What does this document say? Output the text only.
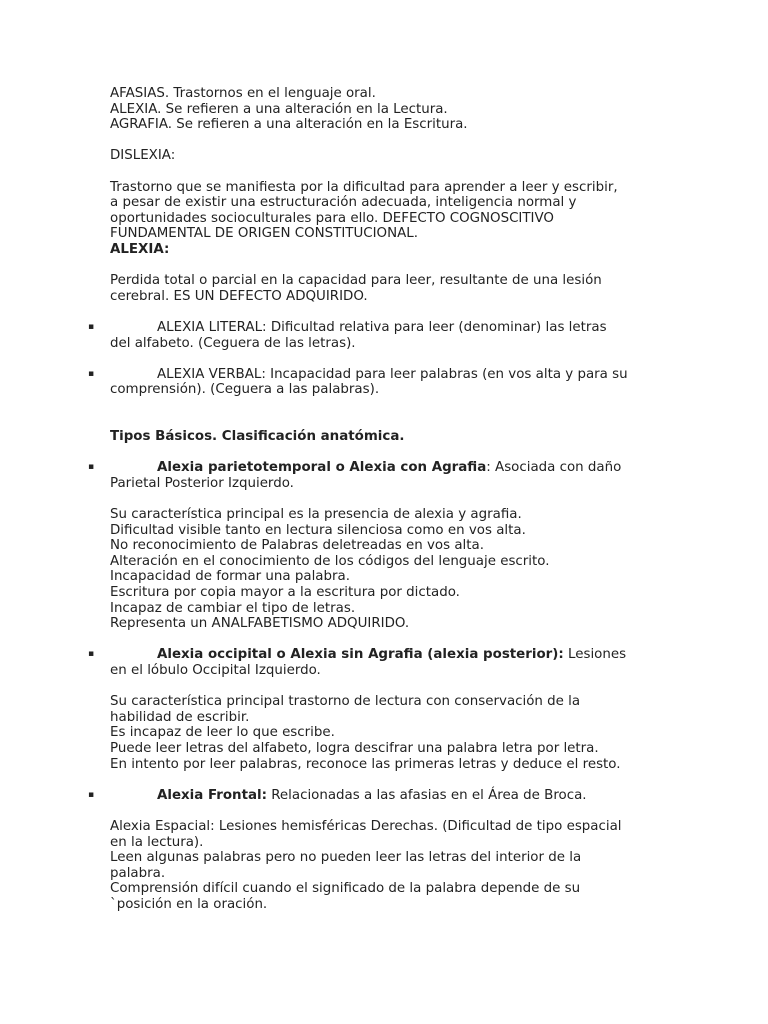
AFASIAS. Trastornos en el lenguaje oral.
ALEXIA. Se refieren a una alteración en la Lectura.
AGRAFIA. Se refieren a una alteración en la Escritura.
DISLEXIA:
Trastorno que se manifiesta por la dificultad para aprender a leer y escribir,
a pesar de existir una estructuración adecuada, inteligencia normal y
oportunidades socioculturales para ello. DEFECTO COGNOSCITIVO
FUNDAMENTAL DE ORIGEN CONSTITUCIONAL.
ALEXIA:
Perdida total o parcial en la capacidad para leer, resultante de una lesión
cerebral. ES UN DEFECTO ADQUIRIDO.
▪	ALEXIA LITERAL: Dificultad relativa para leer (denominar) las letras
del alfabeto. (Ceguera de las letras).
▪	ALEXIA VERBAL: Incapacidad para leer palabras (en vos alta y para su
comprensión). (Ceguera a las palabras).
Tipos Básicos. Clasificación anatómica.
▪	Alexia parietotemporal o Alexia con Agrafia: Asociada con daño
Parietal Posterior Izquierdo.
Su característica principal es la presencia de alexia y agrafia.
Dificultad visible tanto en lectura silenciosa como en vos alta.
No reconocimiento de Palabras deletreadas en vos alta.
Alteración en el conocimiento de los códigos del lenguaje escrito.
Incapacidad de formar una palabra.
Escritura por copia mayor a la escritura por dictado.
Incapaz de cambiar el tipo de letras.
Representa un ANALFABETISMO ADQUIRIDO.
▪	Alexia occipital o Alexia sin Agrafia (alexia posterior): Lesiones
en el lóbulo Occipital Izquierdo.
Su característica principal trastorno de lectura con conservación de la
habilidad de escribir.
Es incapaz de leer lo que escribe.
Puede leer letras del alfabeto, logra descifrar una palabra letra por letra.
En intento por leer palabras, reconoce las primeras letras y deduce el resto.
▪	Alexia Frontal: Relacionadas a las afasias en el Área de Broca.
Alexia Espacial: Lesiones hemisféricas Derechas. (Dificultad de tipo espacial
en la lectura).
Leen algunas palabras pero no pueden leer las letras del interior de la
palabra.
Comprensión difícil cuando el significado de la palabra depende de su
`posición en la oración.
